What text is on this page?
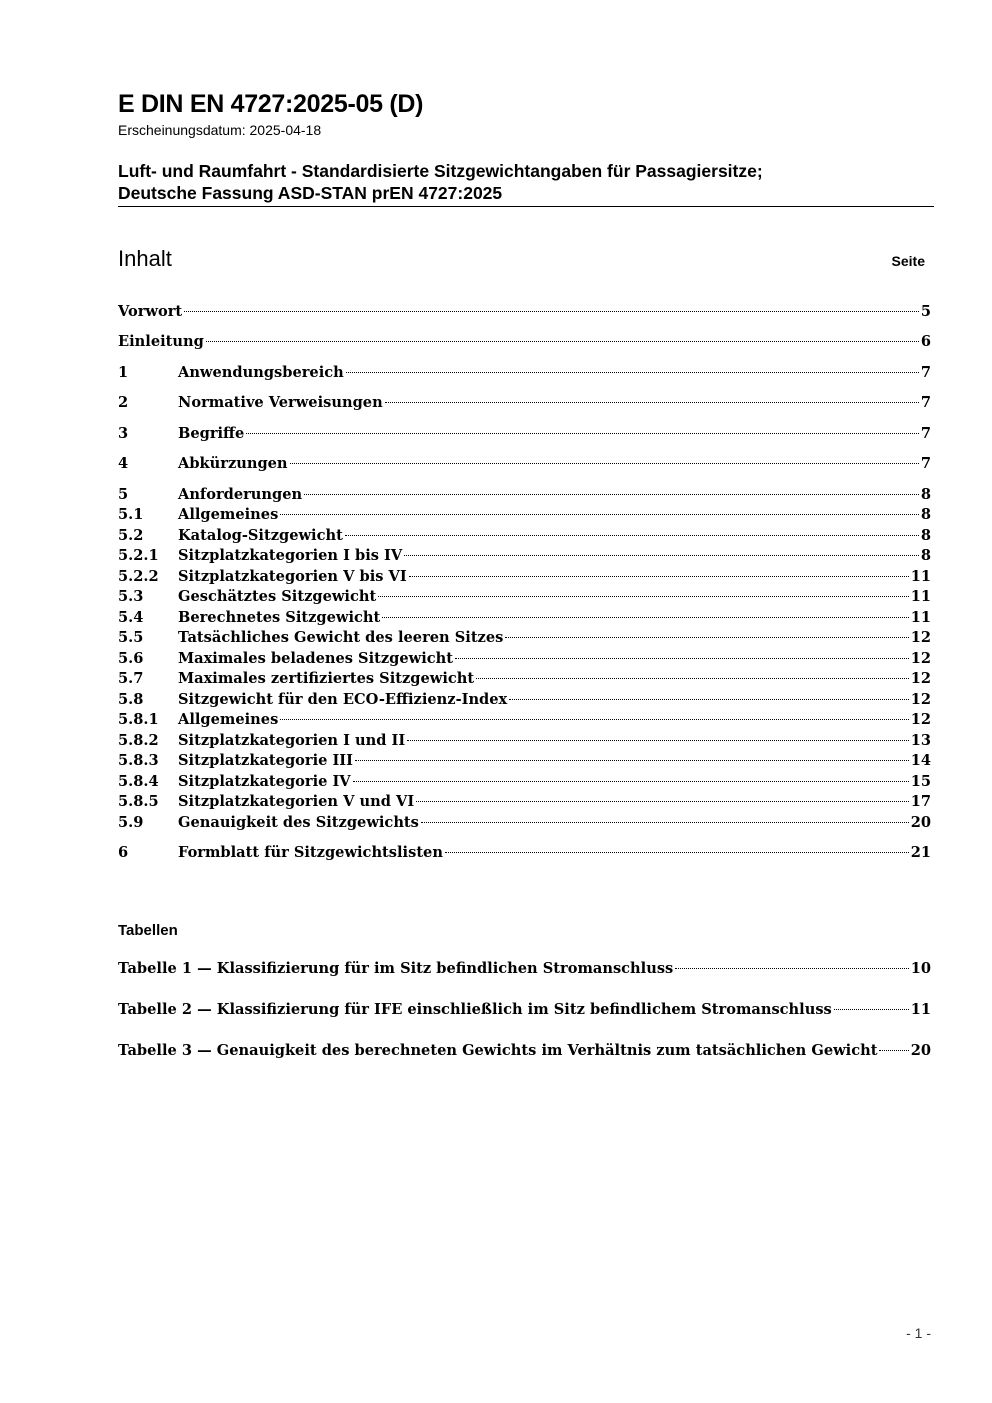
E DIN EN 4727:2025-05 (D)
Erscheinungsdatum: 2025-04-18
Luft- und Raumfahrt - Standardisierte Sitzgewichtangaben für Passagiersitze;
Deutsche Fassung ASD-STAN prEN 4727:2025
Inhalt	Seite
Vorwort	5
Einleitung	6
1	Anwendungsbereich	7
2	Normative Verweisungen	7
3	Begriffe	7
4	Abkürzungen	7
5	Anforderungen	8
5.1	Allgemeines	8
5.2	Katalog-Sitzgewicht	8
5.2.1	Sitzplatzkategorien I bis IV	8
5.2.2	Sitzplatzkategorien V bis VI	11
5.3	Geschätztes Sitzgewicht	11
5.4	Berechnetes Sitzgewicht	11
5.5	Tatsächliches Gewicht des leeren Sitzes	12
5.6	Maximales beladenes Sitzgewicht	12
5.7	Maximales zertifiziertes Sitzgewicht	12
5.8	Sitzgewicht für den ECO-Effizienz-Index	12
5.8.1	Allgemeines	12
5.8.2	Sitzplatzkategorien I und II	13
5.8.3	Sitzplatzkategorie III	14
5.8.4	Sitzplatzkategorie IV	15
5.8.5	Sitzplatzkategorien V und VI	17
5.9	Genauigkeit des Sitzgewichts	20
6	Formblatt für Sitzgewichtslisten	21
Tabellen
Tabelle 1 — Klassifizierung für im Sitz befindlichen Stromanschluss	10
Tabelle 2 — Klassifizierung für IFE einschließlich im Sitz befindlichem Stromanschluss	11
Tabelle 3 — Genauigkeit des berechneten Gewichts im Verhältnis zum tatsächlichen Gewicht 20
- 1 -
